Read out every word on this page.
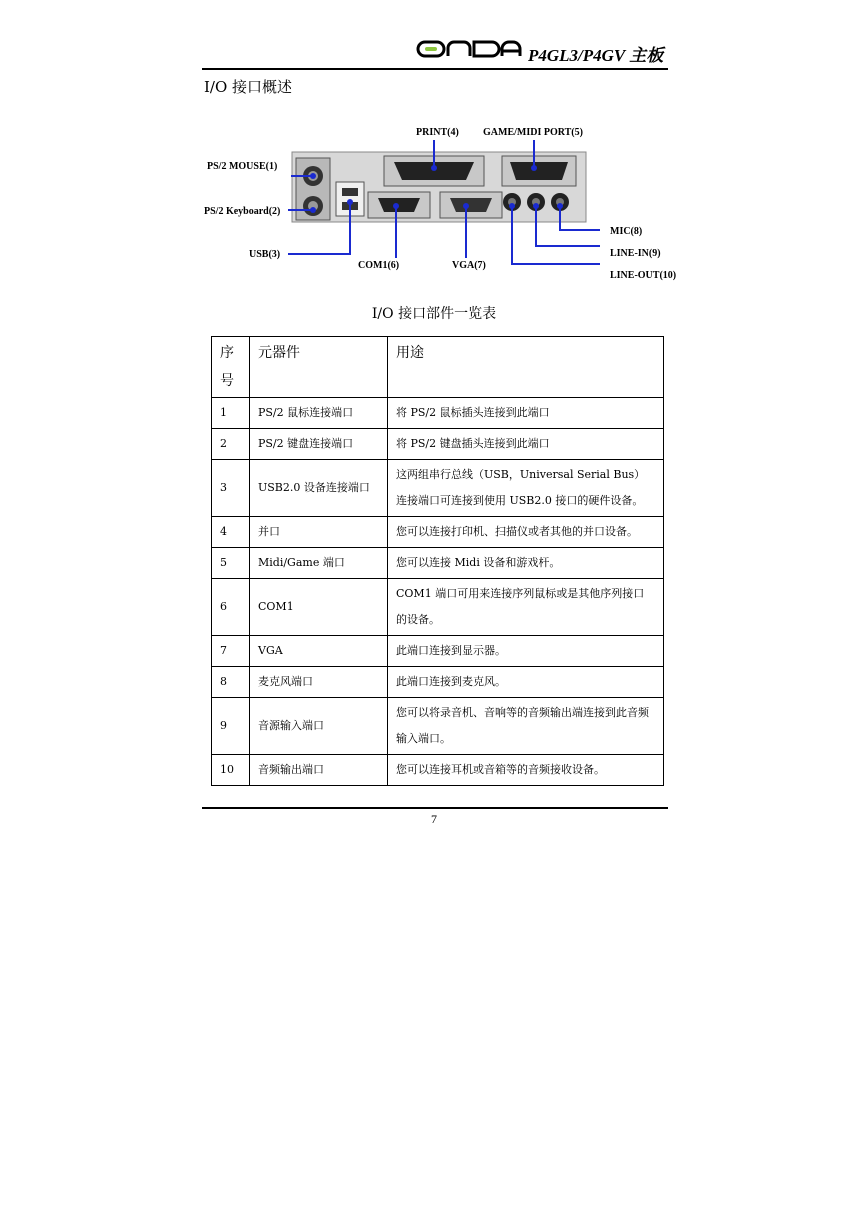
P4GL3/P4GV 主板
I/O 接口概述
PRINT(4) GAME/MIDI PORT(5)
PS/2 MOUSE(1)
PS/2 Keyboard(2)
USB(3)
COM1(6)	VGA(7)
MIC(8)
LINE-IN(9)
LINE-OUT(10)
I/O 接口部件一览表
序号	元器件	用途
1	PS/2 鼠标连接端口	将 PS/2 鼠标插头连接到此端口
2	PS/2 键盘连接端口	将 PS/2 键盘插头连接到此端口
3	USB2.0 设备连接端口	这两组串行总线（USB，Universal Serial Bus）连接端口可连接到使用 USB2.0 接口的硬件设备。
4	并口	您可以连接打印机、扫描仪或者其他的并口设备。
5	Midi/Game 端口	您可以连接 Midi 设备和游戏杆。
6	COM1	COM1 端口可用来连接序列鼠标或是其他序列接口的设备。
7	VGA	此端口连接到显示器。
8	麦克风端口	此端口连接到麦克风。
9	音源输入端口	您可以将录音机、音响等的音频输出端连接到此音频输入端口。
10	音频输出端口	您可以连接耳机或音箱等的音频接收设备。
7
